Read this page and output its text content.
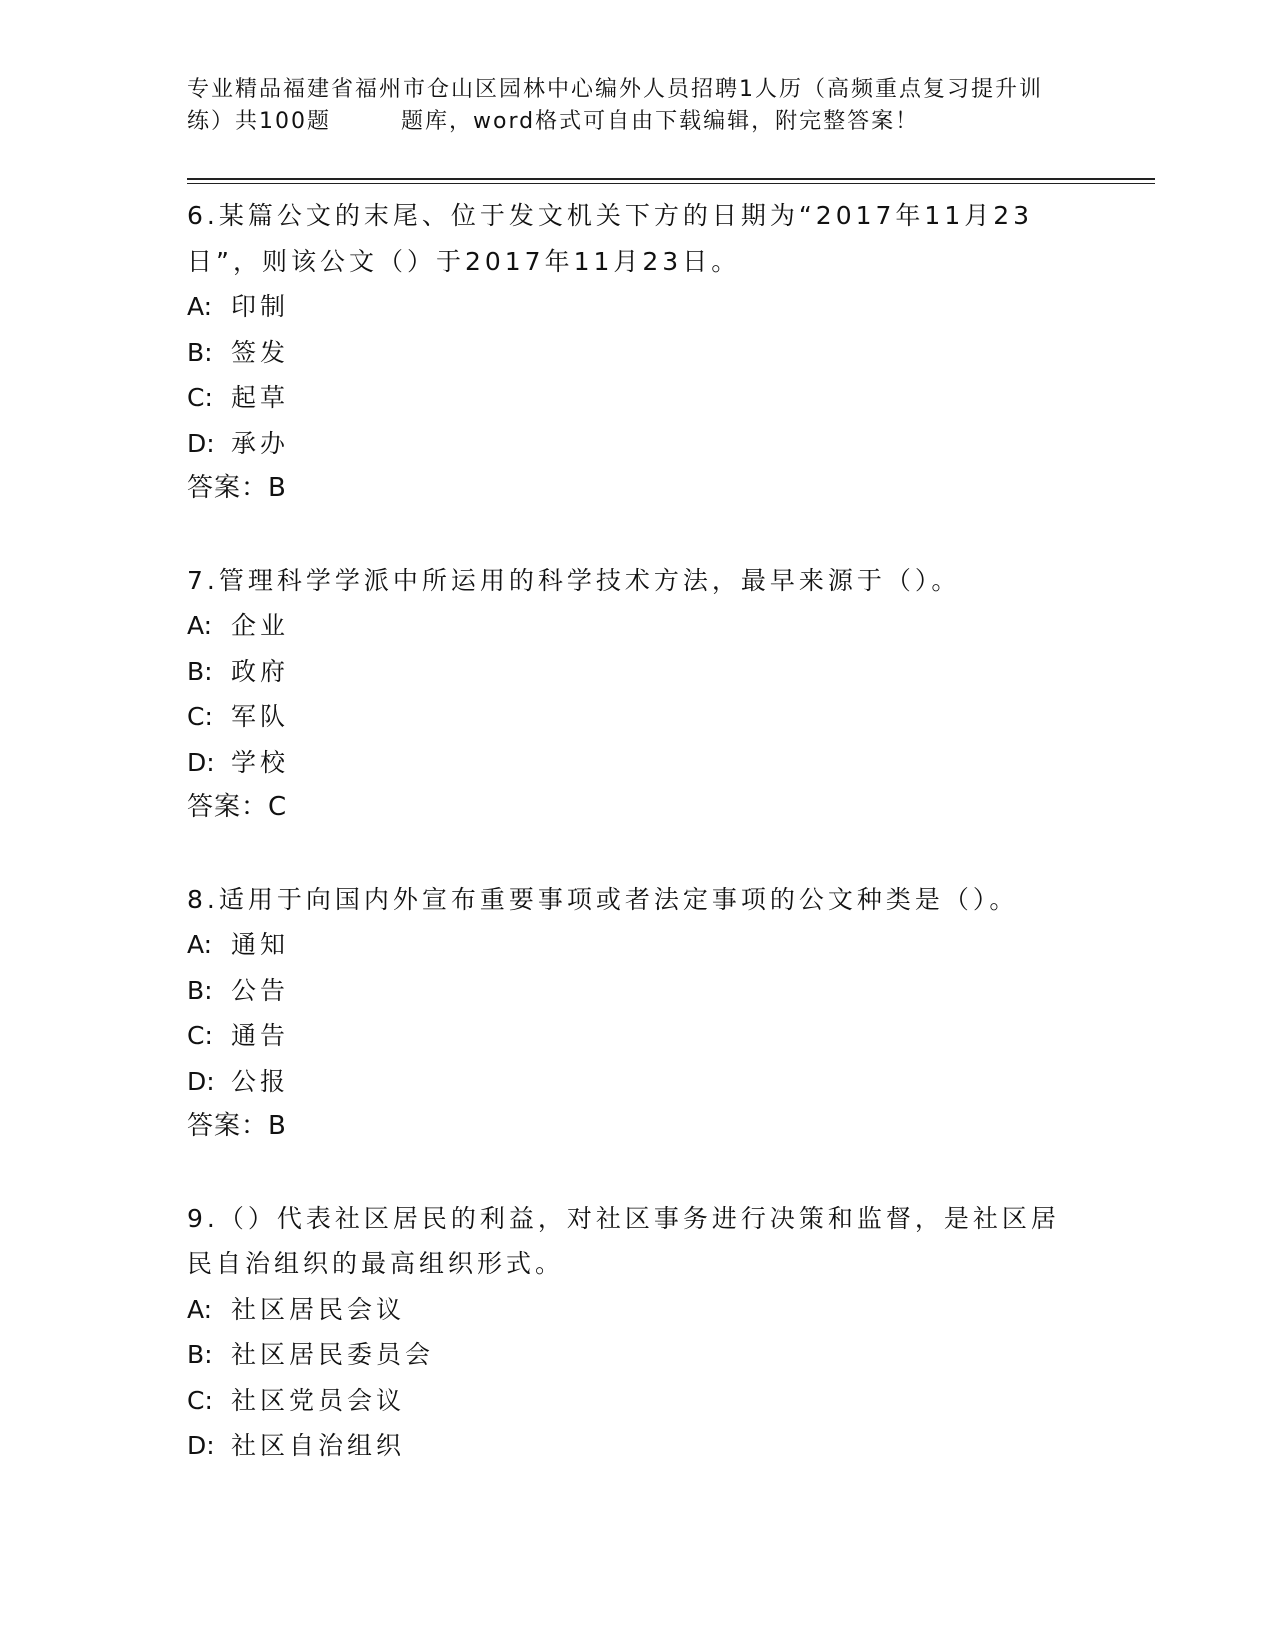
专业精品福建省福州市仓山区园林中心编外人员招聘1人历（高频重点复习提升训
练）共100题	题库，word格式可自由下载编辑，附完整答案！
6.某篇公文的末尾、位于发文机关下方的日期为“2017年11月23日”，则该公文（）于2017年11月23日。
A: 印制
B: 签发
C: 起草
D: 承办
答案：B
7.管理科学学派中所运用的科学技术方法，最早来源于（）。
A: 企业
B: 政府
C: 军队
D: 学校
答案：C
8.适用于向国内外宣布重要事项或者法定事项的公文种类是（）。
A: 通知
B: 公告
C: 通告
D: 公报
答案：B
9.（）代表社区居民的利益，对社区事务进行决策和监督，是社区居民自治组织的最高组织形式。
A: 社区居民会议
B: 社区居民委员会
C: 社区党员会议
D: 社区自治组织
